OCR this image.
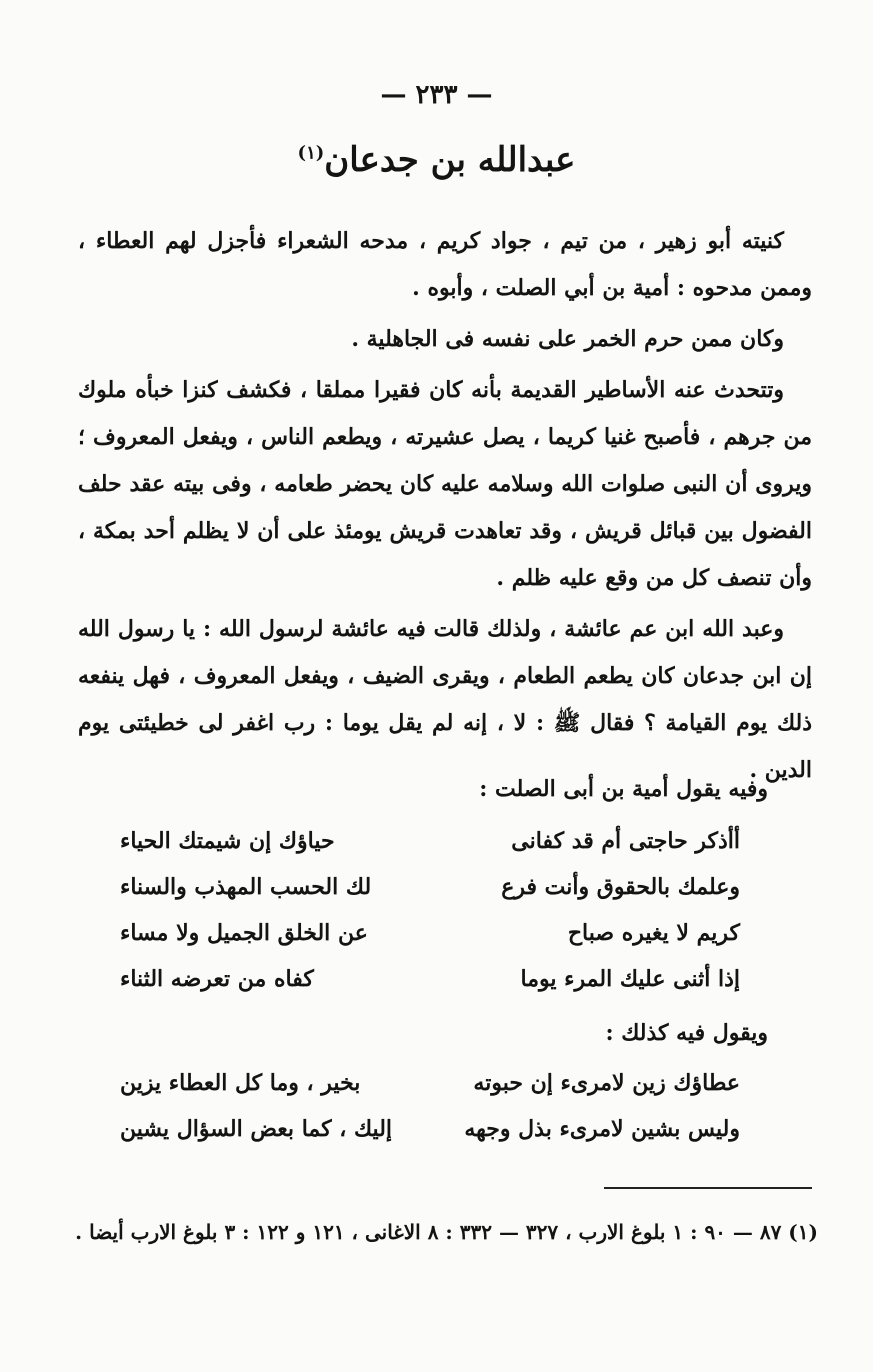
— ٢٣٣ —
عبدالله بن جدعان$^{(١)}$

كنيته أبو زهير ، من تيم ، جواد كريم ، مدحه الشعراء فأجزل لهم العطاء ، وممن مدحوه : أمية بن أبي الصلت ، وأبوه .

وكان ممن حرم الخمر على نفسه فى الجاهلية .

وتتحدث عنه الأساطير القديمة بأنه كان فقيرا مملقا ، فكشف كنزا خبأه ملوك من جرهم ، فأصبح غنيا كريما ، يصل عشيرته ، ويطعم الناس ، ويفعل المعروف ؛ ويروى أن النبى صلوات الله وسلامه عليه كان يحضر طعامه ، وفى بيته عقد حلف الفضول بين قبائل قريش ، وقد تعاهدت قريش يومئذ على أن لا يظلم أحد بمكة ، وأن تنصف كل من وقع عليه ظلم .

وعبد الله ابن عم عائشة ، ولذلك قالت فيه عائشة لرسول الله : يا رسول الله إن ابن جدعان كان يطعم الطعام ، ويقرى الضيف ، ويفعل المعروف ، فهل ينفعه ذلك يوم القيامة ؟ فقال ﷺ : لا ، إنه لم يقل يوما : رب اغفر لى خطيئتى يوم الدين .

وفيه يقول أمية بن أبى الصلت :
أأذكر حاجتى أم قد كفانى
حياؤك إن شيمتك الحياء
وعلمك بالحقوق وأنت فرع
لك الحسب المهذب والسناء
كريم لا يغيره صباح
عن الخلق الجميل ولا مساء
إذا أثنى عليك المرء يوما
كفاه من تعرضه الثناء
ويقول فيه كذلك :
عطاؤك زين لامرىء إن حبوته
بخير ، وما كل العطاء يزين
وليس بشين لامرىء بذل وجهه
إليك ، كما بعض السؤال يشين
(١) ٨٧ — ٩٠ : ١ بلوغ الارب ، ٣٢٧ — ٣٣٢ : ٨ الاغانى ، ١٢١ و ١٢٢ : ٣ بلوغ الارب أيضا .
